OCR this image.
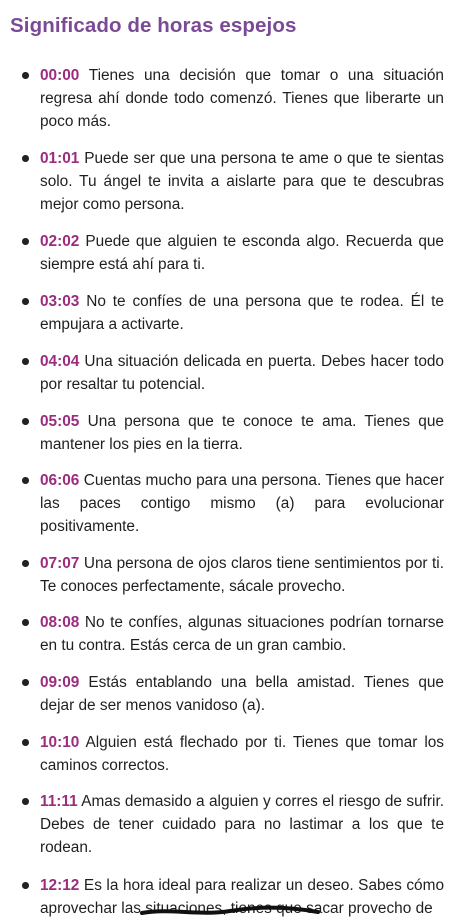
Significado de horas espejos
00:00 Tienes una decisión que tomar o una situación regresa ahí donde todo comenzó. Tienes que liberarte un poco más.
01:01 Puede ser que una persona te ame o que te sientas solo. Tu ángel te invita a aislarte para que te descubras mejor como persona.
02:02 Puede que alguien te esconda algo. Recuerda que siempre está ahí para ti.
03:03 No te confíes de una persona que te rodea. Él te empujara a activarte.
04:04 Una situación delicada en puerta. Debes hacer todo por resaltar tu potencial.
05:05 Una persona que te conoce te ama. Tienes que mantener los pies en la tierra.
06:06 Cuentas mucho para una persona. Tienes que hacer las paces contigo mismo (a) para evolucionar positivamente.
07:07 Una persona de ojos claros tiene sentimientos por ti. Te conoces perfectamente, sácale provecho.
08:08 No te confíes, algunas situaciones podrían tornarse en tu contra. Estás cerca de un gran cambio.
09:09 Estás entablando una bella amistad. Tienes que dejar de ser menos vanidoso (a).
10:10 Alguien está flechado por ti. Tienes que tomar los caminos correctos.
11:11 Amas demasido a alguien y corres el riesgo de sufrir. Debes de tener cuidado para no lastimar a los que te rodean.
12:12 Es la hora ideal para realizar un deseo. Sabes cómo aprovechar las situaciones, tienes que sacar provecho de
